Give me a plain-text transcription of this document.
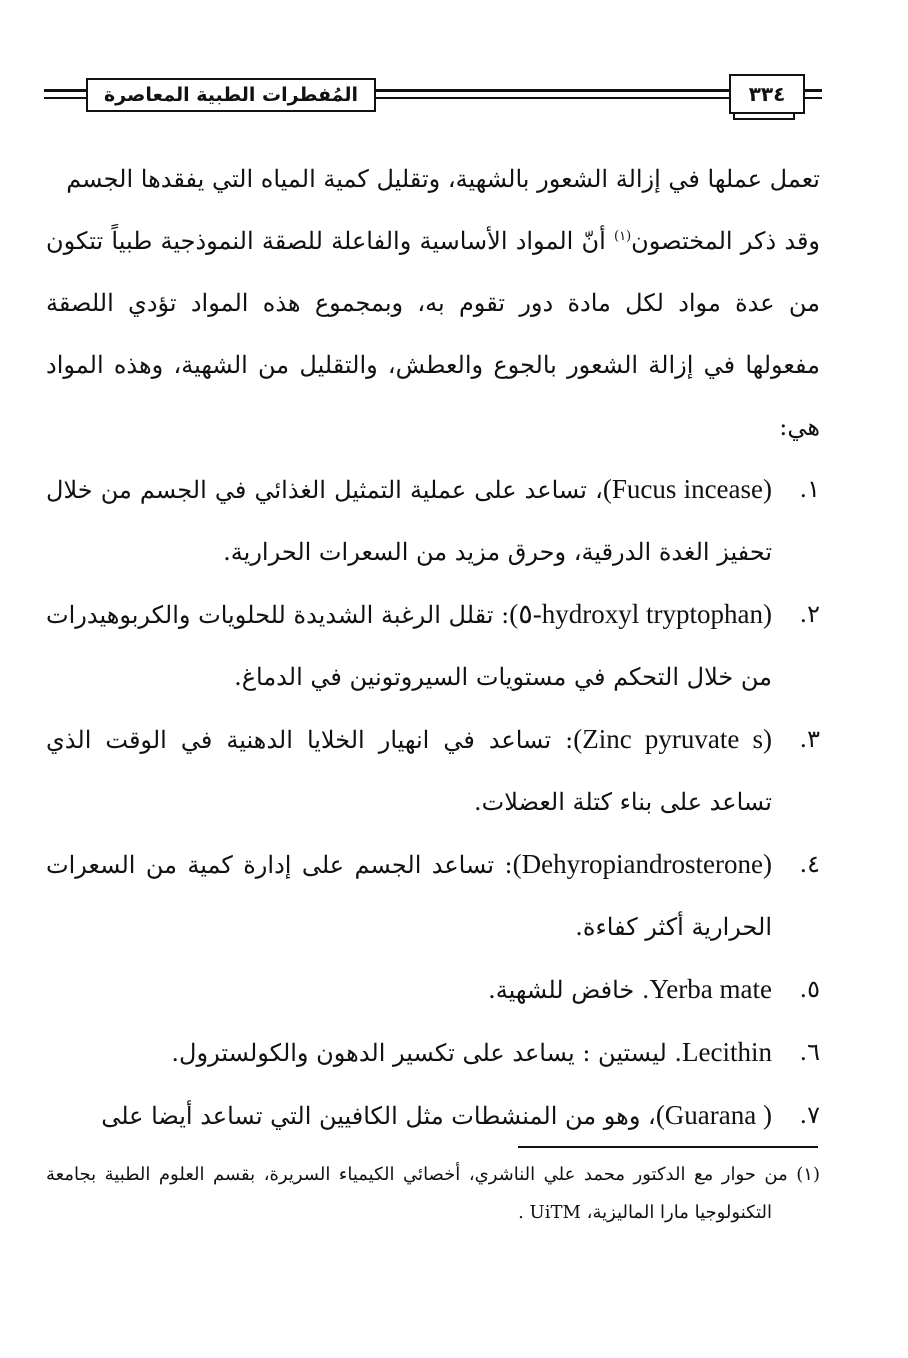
المُفطرات الطبية المعاصرة	٣٣٤

تعمل عملها في إزالة الشعور بالشهية، وتقليل كمية المياه التي يفقدها الجسم

وقد ذكر المختصون$^{(١)}$ أنّ المواد الأساسية والفاعلة للصقة النموذجية طبياً تتكون من عدة مواد لكل مادة دور تقوم به، وبمجموع هذه المواد تؤدي اللصقة مفعولها في إزالة الشعور بالجوع والعطش، والتقليل من الشهية، وهذه المواد هي:

١.
(Fucus incease)، تساعد على عملية التمثيل الغذائي في الجسم من خلال تحفيز الغدة الدرقية، وحرق مزيد من السعرات الحرارية.
٢.
(٥-hydroxyl tryptophan): تقلل الرغبة الشديدة للحلويات والكربوهيدرات من خلال التحكم في مستويات السيروتونين في الدماغ.
٣.
(Zinc pyruvate s): تساعد في انهيار الخلايا الدهنية في الوقت الذي تساعد على بناء كتلة العضلات.
٤.
(Dehyropiandrosterone): تساعد الجسم على إدارة كمية من السعرات الحرارية أكثر كفاءة.
٥.
Yerba mate. خافض للشهية.
٦.
Lecithin. ليستين : يساعد على تكسير الدهون والكولسترول.
٧.
(Guarana )، وهو من المنشطات مثل الكافيين التي تساعد أيضا على
(١) من حوار مع الدكتور محمد علي الناشري، أخصائي الكيمياء السريرة، بقسم العلوم الطبية بجامعة
التكنولوجيا مارا الماليزية، UiTM .
